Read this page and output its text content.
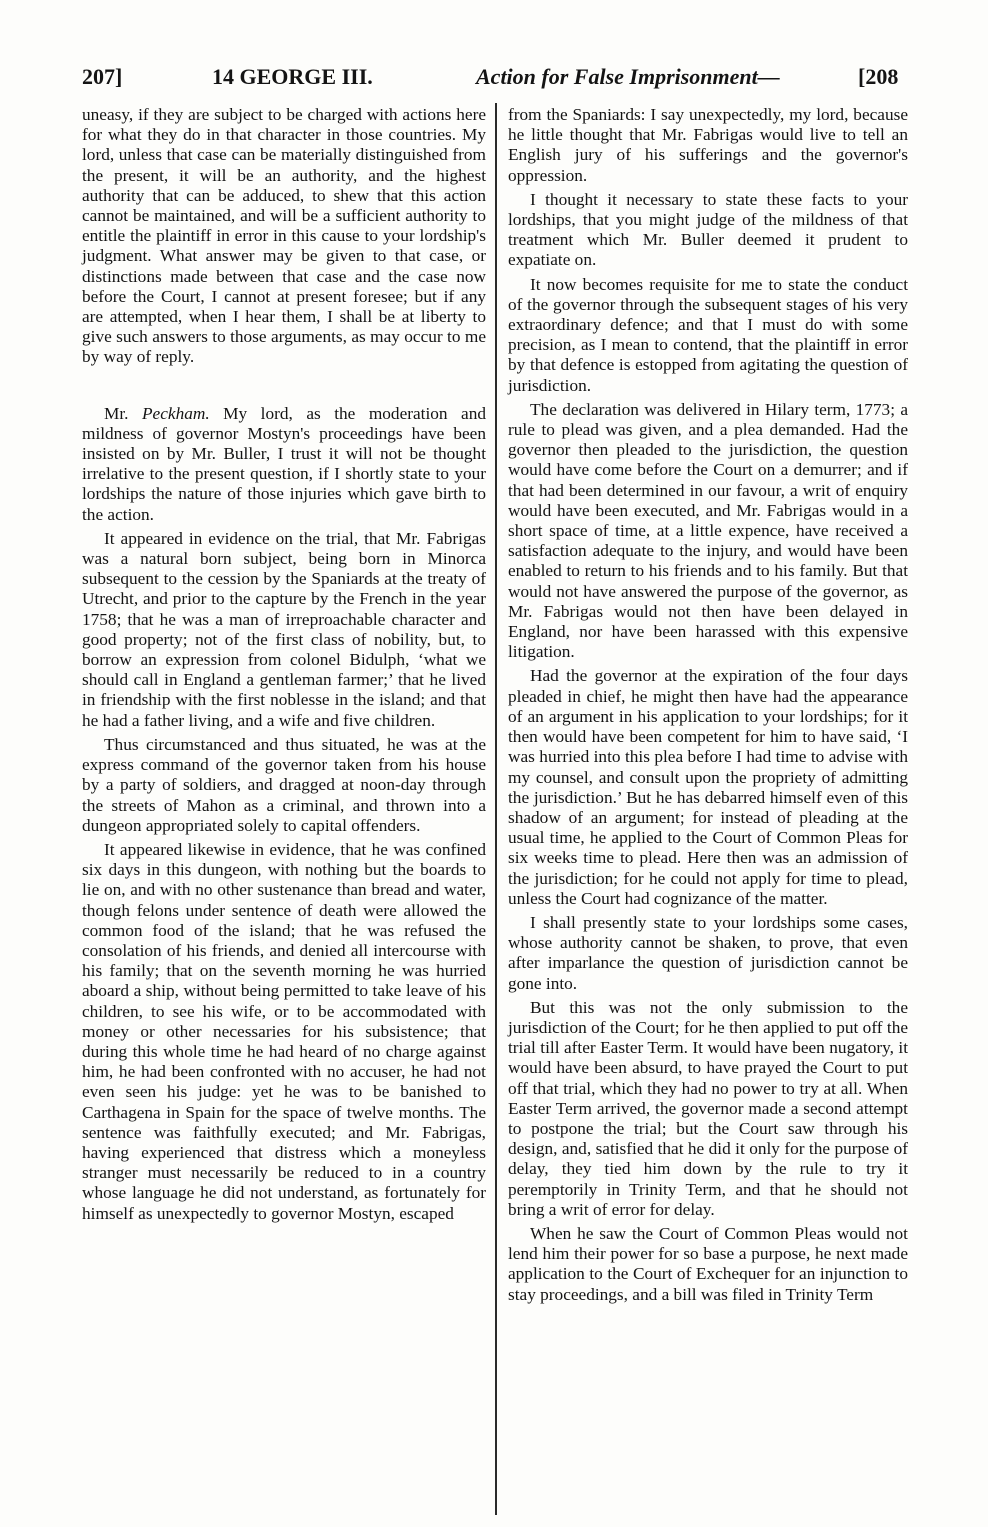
207]	14 GEORGE III.	Action for False Imprisonment—	[208

uneasy, if they are subject to be charged with actions here for what they do in that character in those countries. My lord, unless that case can be materially distinguished from the present, it will be an authority, and the highest authority that can be adduced, to shew that this action cannot be maintained, and will be a sufficient authority to entitle the plaintiff in error in this cause to your lordship's judgment. What answer may be given to that case, or distinctions made between that case and the case now before the Court, I cannot at present foresee; but if any are attempted, when I hear them, I shall be at liberty to give such answers to those arguments, as may occur to me by way of reply.

Mr. Peckham. My lord, as the moderation and mildness of governor Mostyn's proceedings have been insisted on by Mr. Buller, I trust it will not be thought irrelative to the present question, if I shortly state to your lordships the nature of those injuries which gave birth to the action.

It appeared in evidence on the trial, that Mr. Fabrigas was a natural born subject, being born in Minorca subsequent to the cession by the Spaniards at the treaty of Utrecht, and prior to the capture by the French in the year 1758; that he was a man of irreproachable character and good property; not of the first class of nobility, but, to borrow an expression from colonel Bidulph, ‘what we should call in England a gentleman farmer;’ that he lived in friendship with the first noblesse in the island; and that he had a father living, and a wife and five children.

Thus circumstanced and thus situated, he was at the express command of the governor taken from his house by a party of soldiers, and dragged at noon-day through the streets of Mahon as a criminal, and thrown into a dungeon appropriated solely to capital offenders.

It appeared likewise in evidence, that he was confined six days in this dungeon, with nothing but the boards to lie on, and with no other sustenance than bread and water, though felons under sentence of death were allowed the common food of the island; that he was refused the consolation of his friends, and denied all intercourse with his family; that on the seventh morning he was hurried aboard a ship, without being permitted to take leave of his children, to see his wife, or to be accommodated with money or other necessaries for his subsistence; that during this whole time he had heard of no charge against him, he had been confronted with no accuser, he had not even seen his judge: yet he was to be banished to Carthagena in Spain for the space of twelve months. The sentence was faithfully executed; and Mr. Fabrigas, having experienced that distress which a moneyless stranger must necessarily be reduced to in a country whose language he did not understand, as fortunately for himself as unexpectedly to governor Mostyn, escaped

from the Spaniards: I say unexpectedly, my lord, because he little thought that Mr. Fabrigas would live to tell an English jury of his sufferings and the governor's oppression.

I thought it necessary to state these facts to your lordships, that you might judge of the mildness of that treatment which Mr. Buller deemed it prudent to expatiate on.

It now becomes requisite for me to state the conduct of the governor through the subsequent stages of his very extraordinary defence; and that I must do with some precision, as I mean to contend, that the plaintiff in error by that defence is estopped from agitating the question of jurisdiction.

The declaration was delivered in Hilary term, 1773; a rule to plead was given, and a plea demanded. Had the governor then pleaded to the jurisdiction, the question would have come before the Court on a demurrer; and if that had been determined in our favour, a writ of enquiry would have been executed, and Mr. Fabrigas would in a short space of time, at a little expence, have received a satisfaction adequate to the injury, and would have been enabled to return to his friends and to his family. But that would not have answered the purpose of the governor, as Mr. Fabrigas would not then have been delayed in England, nor have been harassed with this expensive litigation.

Had the governor at the expiration of the four days pleaded in chief, he might then have had the appearance of an argument in his application to your lordships; for it then would have been competent for him to have said, ‘I was hurried into this plea before I had time to advise with my counsel, and consult upon the propriety of admitting the jurisdiction.’ But he has debarred himself even of this shadow of an argument; for instead of pleading at the usual time, he applied to the Court of Common Pleas for six weeks time to plead. Here then was an admission of the jurisdiction; for he could not apply for time to plead, unless the Court had cognizance of the matter.

I shall presently state to your lordships some cases, whose authority cannot be shaken, to prove, that even after imparlance the question of jurisdiction cannot be gone into.

But this was not the only submission to the jurisdiction of the Court; for he then applied to put off the trial till after Easter Term. It would have been nugatory, it would have been absurd, to have prayed the Court to put off that trial, which they had no power to try at all. When Easter Term arrived, the governor made a second attempt to postpone the trial; but the Court saw through his design, and, satisfied that he did it only for the purpose of delay, they tied him down by the rule to try it peremptorily in Trinity Term, and that he should not bring a writ of error for delay.

When he saw the Court of Common Pleas would not lend him their power for so base a purpose, he next made application to the Court of Exchequer for an injunction to stay proceedings, and a bill was filed in Trinity Term
